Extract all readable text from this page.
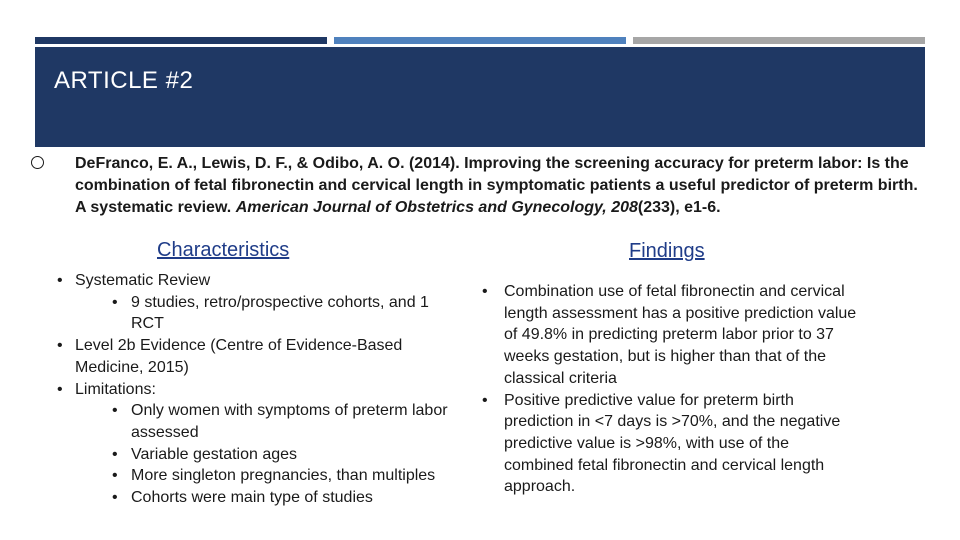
ARTICLE #2

DeFranco, E. A., Lewis, D. F., & Odibo, A. O. (2014). Improving the screening accuracy for preterm labor: Is the combination of fetal fibronectin and cervical length in symptomatic patients a useful predictor of preterm birth. A systematic review. American Journal of Obstetrics and Gynecology, 208(233), e1-6.

Characteristics	Findings
• Systematic Review
• 9 studies, retro/prospective cohorts, and 1 RCT
• Level 2b Evidence (Centre of Evidence-Based Medicine, 2015)
• Limitations:
• Only women with symptoms of preterm labor assessed
• Variable gestation ages
• More singleton pregnancies, than multiples
• Cohorts were main type of studies
• Combination use of fetal fibronectin and cervical length assessment has a positive prediction value of 49.8% in predicting preterm labor prior to 37 weeks gestation, but is higher than that of the classical criteria
• Positive predictive value for preterm birth prediction in <7 days is >70%, and the negative predictive value is >98%, with use of the combined fetal fibronectin and cervical length approach.
